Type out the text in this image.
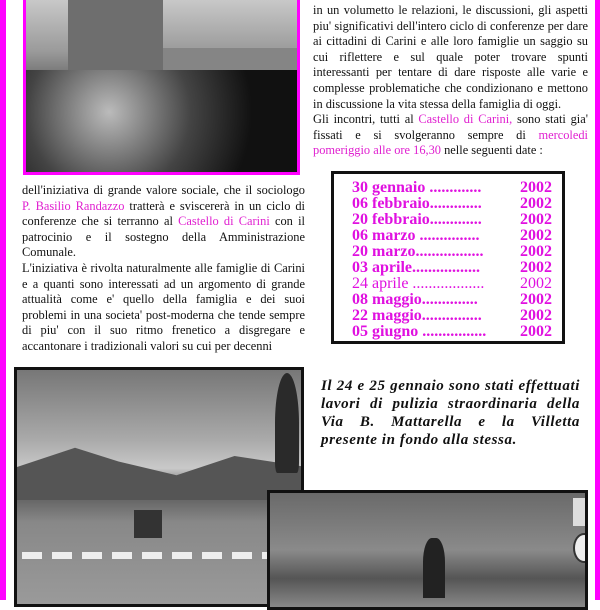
in un volumetto le relazioni, le discussioni, gli aspetti piu' significativi dell'intero ciclo di conferenze per dare ai cittadini di Carini e alle loro famiglie un saggio su cui riflettere e sul quale poter trovare spunti interessanti per tentare di dare risposte alle varie e complesse problematiche che condizionano e mettono in discussione la vita stessa della famiglia di oggi.
Gli incontri, tutti al Castello di Carini, sono stati gia' fissati e si svolgeranno sempre di mercoledi pomeriggio alle ore 16,30 nelle seguenti date :
dell'iniziativa di grande valore sociale, che il sociologo P. Basilio Randazzo tratterà e sviscererà in un ciclo di conferenze che si terranno al Castello di Carini con il patrocinio e il sostegno della Amministrazione Comunale.
L'iniziativa è rivolta naturalmente alle famiglie di Carini e a quanti sono interessati ad un argomento di grande attualità come e' quello della famiglia e dei suoi problemi in una societa' post-moderna che tende sempre di piu' con il suo ritmo frenetico a disgregare e accantonare i tradizionali valori su cui per decenni
30 gennaio ............. 2002
06 febbraio............. 2002
20 febbraio............. 2002
06 marzo ...............	2002
20 marzo................. 2002
03 aprile.................	2002
24 aprile .................. 2002
08 maggio..............	2002
22 maggio............... 2002
05 giugno ................ 2002
Il 24 e 25 gennaio sono stati effettuati lavori di pulizia straordinaria della Via B. Mattarella e la Villetta presente in fondo alla stessa.
